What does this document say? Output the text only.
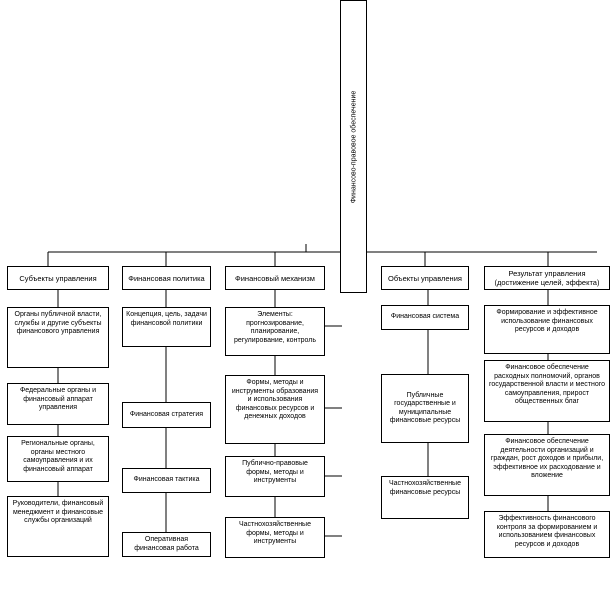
Финансово-правовое обеспечение
Субъекты управления	Финансовая политика	Финансовый механизм	Объекты управления	Результат управления (достижение целей, эффекта)
Органы публичной власти, службы и другие субъекты финансового управления
Федеральные органы и финансовый аппарат управления
Региональные органы, органы местного самоуправления и их финансовый аппарат
Руководители, финансовый менеджмент и финансовые службы организаций
Концепция, цель, задачи финансовой политики
Финансовая стратегия
Финансовая тактика
Оперативная финансовая работа
Элементы: прогнозирование, планирование, регулирование, контроль
Формы, методы и инструменты образования и использования финансовых ресурсов и денежных доходов
Публично-правовые формы, методы и инструменты
Частнохозяйственные формы, методы и инструменты
Финансовая система
Публичные государственные и муниципальные финансовые ресурсы
Частнохозяйственные финансовые ресурсы
Формирование и эффективное использование финансовых ресурсов и доходов
Финансовое обеспечение расходных полномочий, органов государственной власти и местного самоуправления, прирост общественных благ
Финансовое обеспечение деятельности организаций и граждан, рост доходов и прибыли, эффективное их расходование и вложение
Эффективность финансового контроля за формированием и использованием финансовых ресурсов и доходов
